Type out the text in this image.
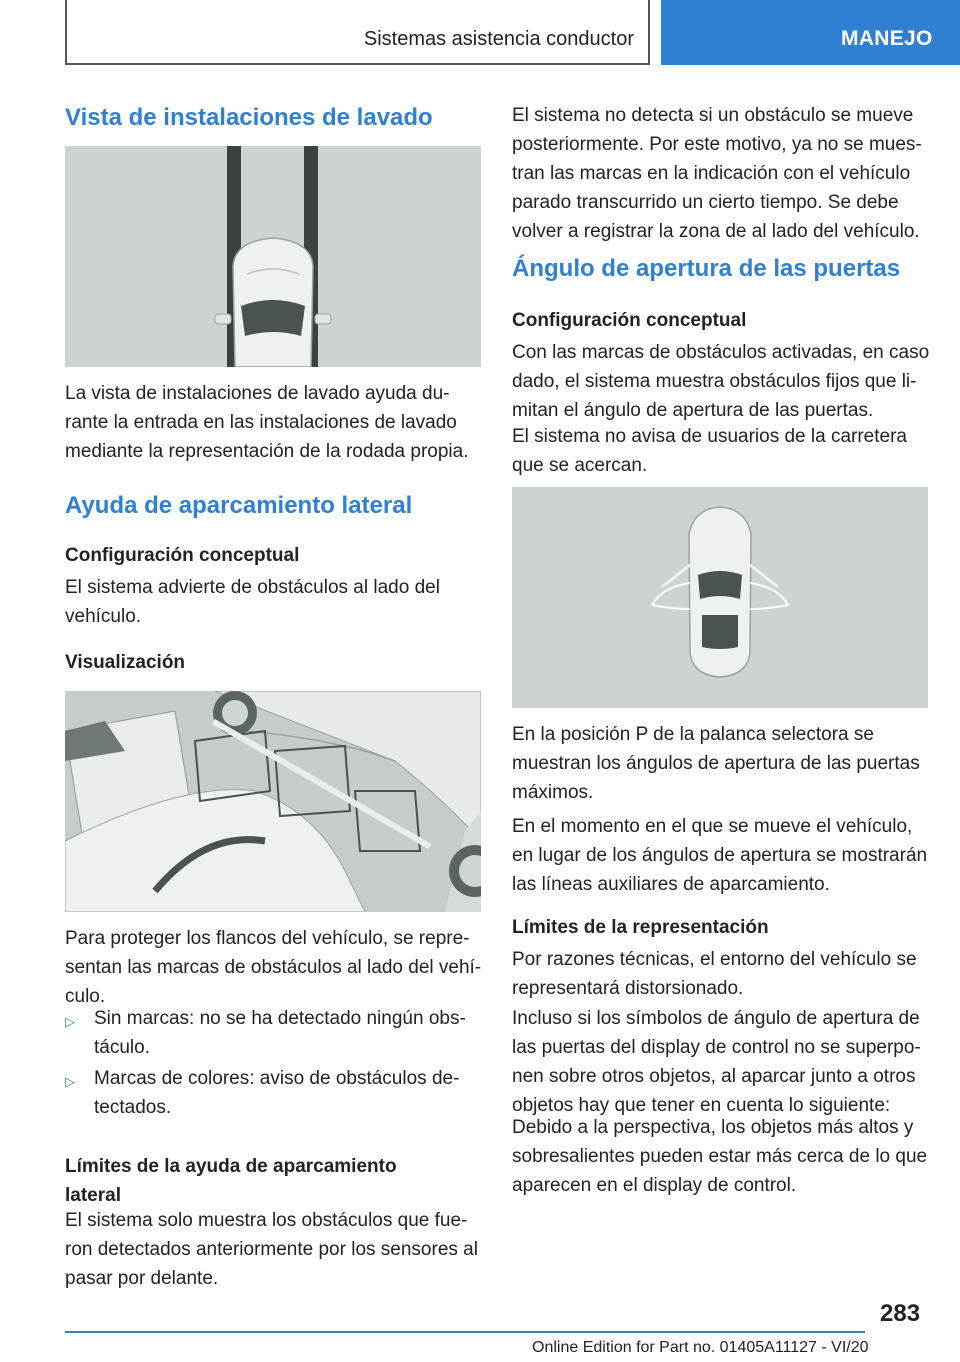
Sistemas asistencia conductor	MANEJO
Vista de instalaciones de lavado
La vista de instalaciones de lavado ayuda du-
rante la entrada en las instalaciones de lavado
mediante la representación de la rodada propia.
Ayuda de aparcamiento lateral
Configuración conceptual
El sistema advierte de obstáculos al lado del
vehículo.
Visualización
Para proteger los flancos del vehículo, se repre-
sentan las marcas de obstáculos al lado del vehí-
culo.
▷ Sin marcas: no se ha detectado ningún obs-
táculo.
▷ Marcas de colores: aviso de obstáculos de-
tectados.
Límites de la ayuda de aparcamiento
lateral
El sistema solo muestra los obstáculos que fue-
ron detectados anteriormente por los sensores al
pasar por delante.
El sistema no detecta si un obstáculo se mueve
posteriormente. Por este motivo, ya no se mues-
tran las marcas en la indicación con el vehículo
parado transcurrido un cierto tiempo. Se debe
volver a registrar la zona de al lado del vehículo.
Ángulo de apertura de las puertas
Configuración conceptual
Con las marcas de obstáculos activadas, en caso
dado, el sistema muestra obstáculos fijos que li-
mitan el ángulo de apertura de las puertas.
El sistema no avisa de usuarios de la carretera
que se acercan.
En la posición P de la palanca selectora se
muestran los ángulos de apertura de las puertas
máximos.
En el momento en el que se mueve el vehículo,
en lugar de los ángulos de apertura se mostrarán
las líneas auxiliares de aparcamiento.
Límites de la representación
Por razones técnicas, el entorno del vehículo se
representará distorsionado.
Incluso si los símbolos de ángulo de apertura de
las puertas del display de control no se superpo-
nen sobre otros objetos, al aparcar junto a otros
objetos hay que tener en cuenta lo siguiente:
Debido a la perspectiva, los objetos más altos y
sobresalientes pueden estar más cerca de lo que
aparecen en el display de control.
283
Online Edition for Part no. 01405A11127 - VI/20
